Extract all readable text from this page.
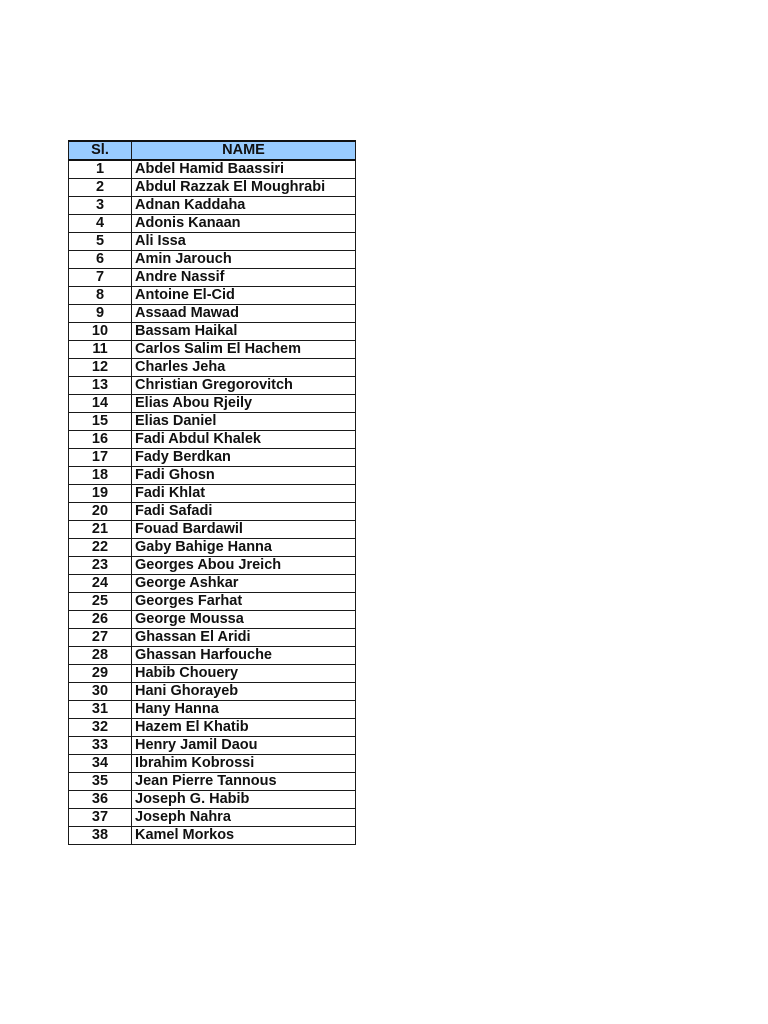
Sl.	NAME
1	Abdel Hamid Baassiri
2	Abdul Razzak El Moughrabi
3	Adnan Kaddaha
4	Adonis Kanaan
5	Ali Issa
6	Amin Jarouch
7	Andre Nassif
8	Antoine El-Cid
9	Assaad Mawad
10	Bassam Haikal
11	Carlos Salim El Hachem
12	Charles Jeha
13	Christian Gregorovitch
14	Elias Abou Rjeily
15	Elias Daniel
16	Fadi Abdul Khalek
17	Fady Berdkan
18	Fadi Ghosn
19	Fadi Khlat
20	Fadi Safadi
21	Fouad Bardawil
22	Gaby Bahige Hanna
23	Georges Abou Jreich
24	George Ashkar
25	Georges Farhat
26	George Moussa
27	Ghassan El Aridi
28	Ghassan Harfouche
29	Habib Chouery
30	Hani Ghorayeb
31	Hany Hanna
32	Hazem El Khatib
33	Henry Jamil Daou
34	Ibrahim Kobrossi
35	Jean Pierre Tannous
36	Joseph G. Habib
37	Joseph Nahra
38	Kamel Morkos
